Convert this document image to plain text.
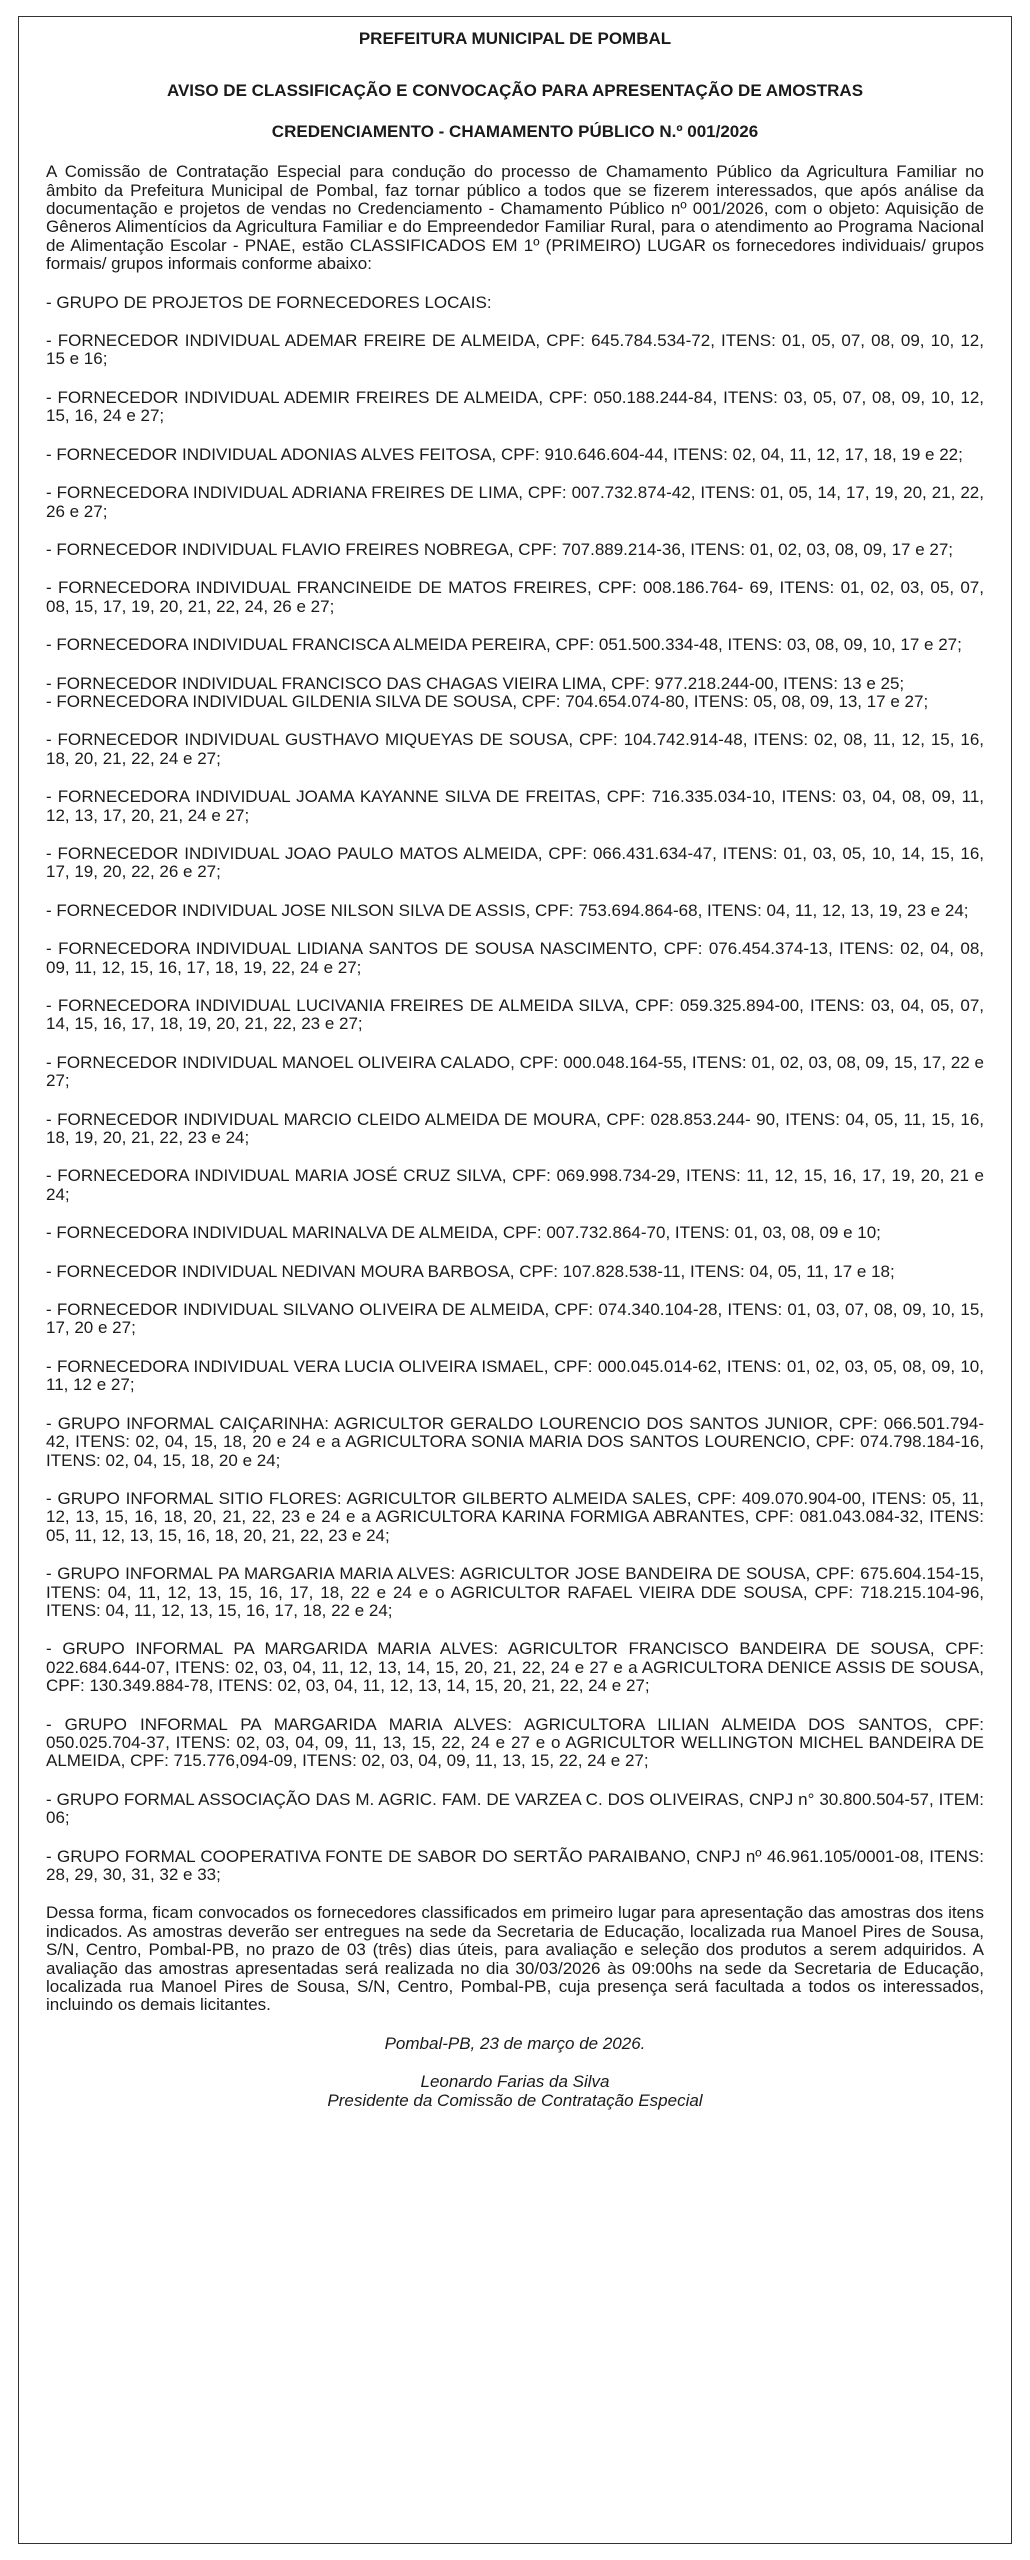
PREFEITURA MUNICIPAL DE POMBAL

AVISO DE CLASSIFICAÇÃO E CONVOCAÇÃO PARA APRESENTAÇÃO DE AMOSTRAS

CREDENCIAMENTO - CHAMAMENTO PÚBLICO N.º 001/2026

A Comissão de Contratação Especial para condução do processo de Chamamento Público da Agricultura Familiar no âmbito da Prefeitura Municipal de Pombal, faz tornar público a todos que se fizerem interessados, que após análise da documentação e projetos de vendas no Credenciamento - Chamamento Público nº 001/2026, com o objeto: Aquisição de Gêneros Alimentícios da Agricultura Familiar e do Empreendedor Familiar Rural, para o atendimento ao Programa Nacional de Alimentação Escolar - PNAE, estão CLASSIFICADOS EM 1º (PRIMEIRO) LUGAR os fornecedores individuais/ grupos formais/ grupos informais conforme abaixo:

- GRUPO DE PROJETOS DE FORNECEDORES LOCAIS:

- FORNECEDOR INDIVIDUAL ADEMAR FREIRE DE ALMEIDA, CPF: 645.784.534-72, ITENS: 01, 05, 07, 08, 09, 10, 12, 15 e 16;

- FORNECEDOR INDIVIDUAL ADEMIR FREIRES DE ALMEIDA, CPF: 050.188.244-84, ITENS: 03, 05, 07, 08, 09, 10, 12, 15, 16, 24 e 27;

- FORNECEDOR INDIVIDUAL ADONIAS ALVES FEITOSA, CPF: 910.646.604-44, ITENS: 02, 04, 11, 12, 17, 18, 19 e 22;

- FORNECEDORA INDIVIDUAL ADRIANA FREIRES DE LIMA, CPF: 007.732.874-42, ITENS: 01, 05, 14, 17, 19, 20, 21, 22, 26 e 27;

- FORNECEDOR INDIVIDUAL FLAVIO FREIRES NOBREGA, CPF: 707.889.214-36, ITENS: 01, 02, 03, 08, 09, 17 e 27;

- FORNECEDORA INDIVIDUAL FRANCINEIDE DE MATOS FREIRES, CPF: 008.186.764- 69, ITENS: 01, 02, 03, 05, 07, 08, 15, 17, 19, 20, 21, 22, 24, 26 e 27;

- FORNECEDORA INDIVIDUAL FRANCISCA ALMEIDA PEREIRA, CPF: 051.500.334-48, ITENS: 03, 08, 09, 10, 17 e 27;

- FORNECEDOR INDIVIDUAL FRANCISCO DAS CHAGAS VIEIRA LIMA, CPF: 977.218.244-00, ITENS: 13 e 25;

- FORNECEDORA INDIVIDUAL GILDENIA SILVA DE SOUSA, CPF: 704.654.074-80, ITENS: 05, 08, 09, 13, 17 e 27;

- FORNECEDOR INDIVIDUAL GUSTHAVO MIQUEYAS DE SOUSA, CPF: 104.742.914-48, ITENS: 02, 08, 11, 12, 15, 16, 18, 20, 21, 22, 24 e 27;

- FORNECEDORA INDIVIDUAL JOAMA KAYANNE SILVA DE FREITAS, CPF: 716.335.034-10, ITENS: 03, 04, 08, 09, 11, 12, 13, 17, 20, 21, 24 e 27;

- FORNECEDOR INDIVIDUAL JOAO PAULO MATOS ALMEIDA, CPF: 066.431.634-47, ITENS: 01, 03, 05, 10, 14, 15, 16, 17, 19, 20, 22, 26 e 27;

- FORNECEDOR INDIVIDUAL JOSE NILSON SILVA DE ASSIS, CPF: 753.694.864-68, ITENS: 04, 11, 12, 13, 19, 23 e 24;

- FORNECEDORA INDIVIDUAL LIDIANA SANTOS DE SOUSA NASCIMENTO, CPF: 076.454.374-13, ITENS: 02, 04, 08, 09, 11, 12, 15, 16, 17, 18, 19, 22, 24 e 27;

- FORNECEDORA INDIVIDUAL LUCIVANIA FREIRES DE ALMEIDA SILVA, CPF: 059.325.894-00, ITENS: 03, 04, 05, 07, 14, 15, 16, 17, 18, 19, 20, 21, 22, 23 e 27;

- FORNECEDOR INDIVIDUAL MANOEL OLIVEIRA CALADO, CPF: 000.048.164-55, ITENS: 01, 02, 03, 08, 09, 15, 17, 22 e 27;

- FORNECEDOR INDIVIDUAL MARCIO CLEIDO ALMEIDA DE MOURA, CPF: 028.853.244- 90, ITENS: 04, 05, 11, 15, 16, 18, 19, 20, 21, 22, 23 e 24;

- FORNECEDORA INDIVIDUAL MARIA JOSÉ CRUZ SILVA, CPF: 069.998.734-29, ITENS: 11, 12, 15, 16, 17, 19, 20, 21 e 24;

- FORNECEDORA INDIVIDUAL MARINALVA DE ALMEIDA, CPF: 007.732.864-70, ITENS: 01, 03, 08, 09 e 10;

- FORNECEDOR INDIVIDUAL NEDIVAN MOURA BARBOSA, CPF: 107.828.538-11, ITENS: 04, 05, 11, 17 e 18;

- FORNECEDOR INDIVIDUAL SILVANO OLIVEIRA DE ALMEIDA, CPF: 074.340.104-28, ITENS: 01, 03, 07, 08, 09, 10, 15, 17, 20 e 27;

- FORNECEDORA INDIVIDUAL VERA LUCIA OLIVEIRA ISMAEL, CPF: 000.045.014-62, ITENS: 01, 02, 03, 05, 08, 09, 10, 11, 12 e 27;

- GRUPO INFORMAL CAIÇARINHA: AGRICULTOR GERALDO LOURENCIO DOS SANTOS JUNIOR, CPF: 066.501.794-42, ITENS: 02, 04, 15, 18, 20 e 24 e a AGRICULTORA SONIA MARIA DOS SANTOS LOURENCIO, CPF: 074.798.184-16, ITENS: 02, 04, 15, 18, 20 e 24;

- GRUPO INFORMAL SITIO FLORES: AGRICULTOR GILBERTO ALMEIDA SALES, CPF: 409.070.904-00, ITENS: 05, 11, 12, 13, 15, 16, 18, 20, 21, 22, 23 e 24 e a AGRICULTORA KARINA FORMIGA ABRANTES, CPF: 081.043.084-32, ITENS: 05, 11, 12, 13, 15, 16, 18, 20, 21, 22, 23 e 24;

- GRUPO INFORMAL PA MARGARIA MARIA ALVES: AGRICULTOR JOSE BANDEIRA DE SOUSA, CPF: 675.604.154-15, ITENS: 04, 11, 12, 13, 15, 16, 17, 18, 22 e 24 e o AGRICULTOR RAFAEL VIEIRA DDE SOUSA, CPF: 718.215.104-96, ITENS: 04, 11, 12, 13, 15, 16, 17, 18, 22 e 24;

- GRUPO INFORMAL PA MARGARIDA MARIA ALVES: AGRICULTOR FRANCISCO BANDEIRA DE SOUSA, CPF: 022.684.644-07, ITENS: 02, 03, 04, 11, 12, 13, 14, 15, 20, 21, 22, 24 e 27 e a AGRICULTORA DENICE ASSIS DE SOUSA, CPF: 130.349.884-78, ITENS: 02, 03, 04, 11, 12, 13, 14, 15, 20, 21, 22, 24 e 27;

- GRUPO INFORMAL PA MARGARIDA MARIA ALVES: AGRICULTORA LILIAN ALMEIDA DOS SANTOS, CPF: 050.025.704-37, ITENS: 02, 03, 04, 09, 11, 13, 15, 22, 24 e 27 e o AGRICULTOR WELLINGTON MICHEL BANDEIRA DE ALMEIDA, CPF: 715.776,094-09, ITENS: 02, 03, 04, 09, 11, 13, 15, 22, 24 e 27;

- GRUPO FORMAL ASSOCIAÇÃO DAS M. AGRIC. FAM. DE VARZEA C. DOS OLIVEIRAS, CNPJ n° 30.800.504-57, ITEM: 06;

- GRUPO FORMAL COOPERATIVA FONTE DE SABOR DO SERTÃO PARAIBANO, CNPJ nº 46.961.105/0001-08, ITENS: 28, 29, 30, 31, 32 e 33;

Dessa forma, ficam convocados os fornecedores classificados em primeiro lugar para apresentação das amostras dos itens indicados. As amostras deverão ser entregues na sede da Secretaria de Educação, localizada rua Manoel Pires de Sousa, S/N, Centro, Pombal-PB, no prazo de 03 (três) dias úteis, para avaliação e seleção dos produtos a serem adquiridos. A avaliação das amostras apresentadas será realizada no dia 30/03/2026 às 09:00hs na sede da Secretaria de Educação, localizada rua Manoel Pires de Sousa, S/N, Centro, Pombal-PB, cuja presença será facultada a todos os interessados, incluindo os demais licitantes.

Pombal-PB, 23 de março de 2026.

Leonardo Farias da Silva

Presidente da Comissão de Contratação Especial
